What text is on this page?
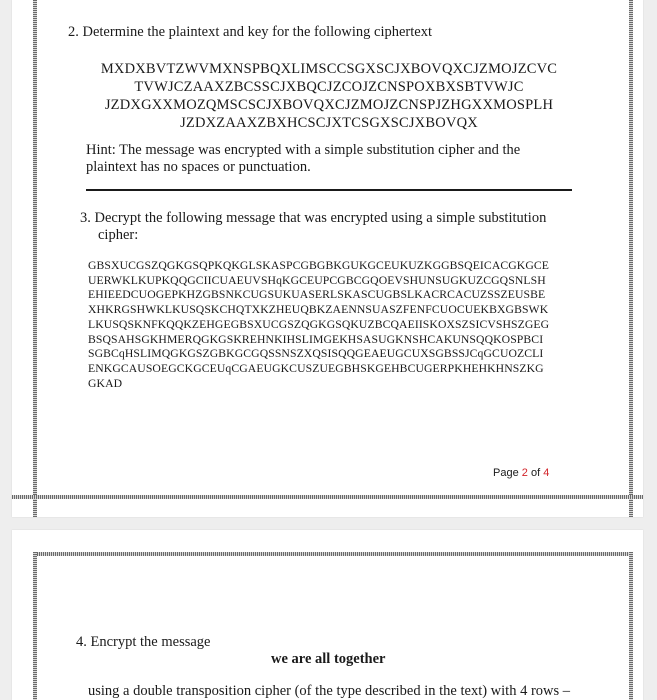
2. Determine the plaintext and key for the following ciphertext
MXDXBVTZWVMXNSPBQXLIMSCCSGXSCJXBOVQXCJZMOJZCVC
TVWJCZAAXZBCSSCJXBQCJZCOJZCNSPOXBXSBTVWJC
JZDXGXXMOZQMSCSCJXBOVQXCJZMOJZCNSPJZHGXXMOSPLH
JZDXZAAXZBXHCSCJXTCSGXSCJXBOVQX
Hint: The message was encrypted with a simple substitution cipher and the
plaintext has no spaces or punctuation.
3. Decrypt the following message that was encrypted using a simple substitution
cipher:
GBSXUCGSZQGKGSQPKQKGLSKASPCGBGBKGUKGCEUKUZKGGBSQEICACGKGCE
UERWKLKUPKQQGCIICUAEUVSHqKGCEUPCGBCGQOEVSHUNSUGKUZCGQSNLSH
EHIEEDCUOGEPKHZGBSNKCUGSUKUASERLSKASCUGBSLKACRCACUZSSZEUSBE
XHKRGSHWKLKUSQSKCHQTXKZHEUQBKZAENNSUASZFENFCUOCUEKBXGBSWK
LKUSQSKNFKQQKZEHGEGBSXUCGSZQGKGSQKUZBCQAEIISKOXSZSICVSHSZGEG
BSQSAHSGKHMERQGKGSKREHNKIHSLIMGEKHSASUGKNSHCAKUNSQQKOSPBCI
SGBCqHSLIMQGKGSZGBKGCGQSSNSZXQSISQQGEAEUGCUXSGBSSJCqGCUOZCLI
ENKGCAUSOEGCKGCEUqCGAEUGKCUSZUEGBHSKGEHBCUGERPKHEHKHNSZKG
GKAD
Page 2 of 4
4. Encrypt the message
we are all together
using a double transposition cipher (of the type described in the text) with 4 rows –
